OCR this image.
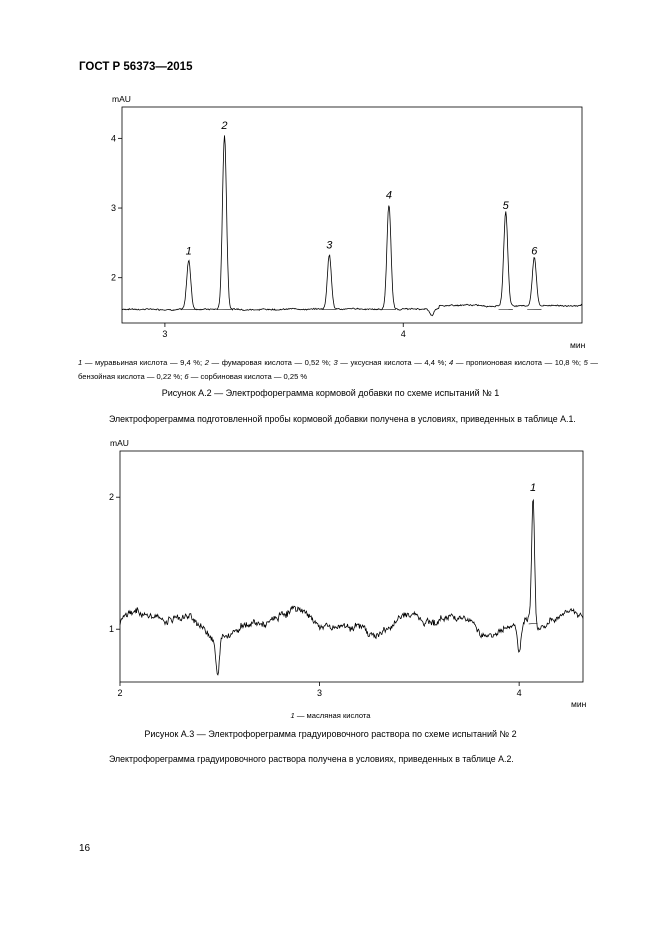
ГОСТ Р 56373—2015
2
3
4
3	4
mAU
мин
1
2
3
4
5
6
1
2
2	3	4
mAU
мин
1
1 — муравьиная кислота — 9,4 %; 2 — фумаровая кислота — 0,52 %; 3 — уксусная кислота — 4,4 %; 4 — пропионовая кислота — 10,8 %; 5 — бензойная кислота — 0,22 %; 6 — сорбиновая кислота — 0,25 %
Рисунок А.2 — Электрофореграмма кормовой добавки по схеме испытаний № 1
Электрофореграмма подготовленной пробы кормовой добавки получена в условиях, приведенных в таблице А.1.
1 — масляная кислота
Рисунок А.3 — Электрофореграмма градуировочного раствора по схеме испытаний № 2
Электрофореграмма градуировочного раствора получена в условиях, приведенных в таблице А.2.
16
